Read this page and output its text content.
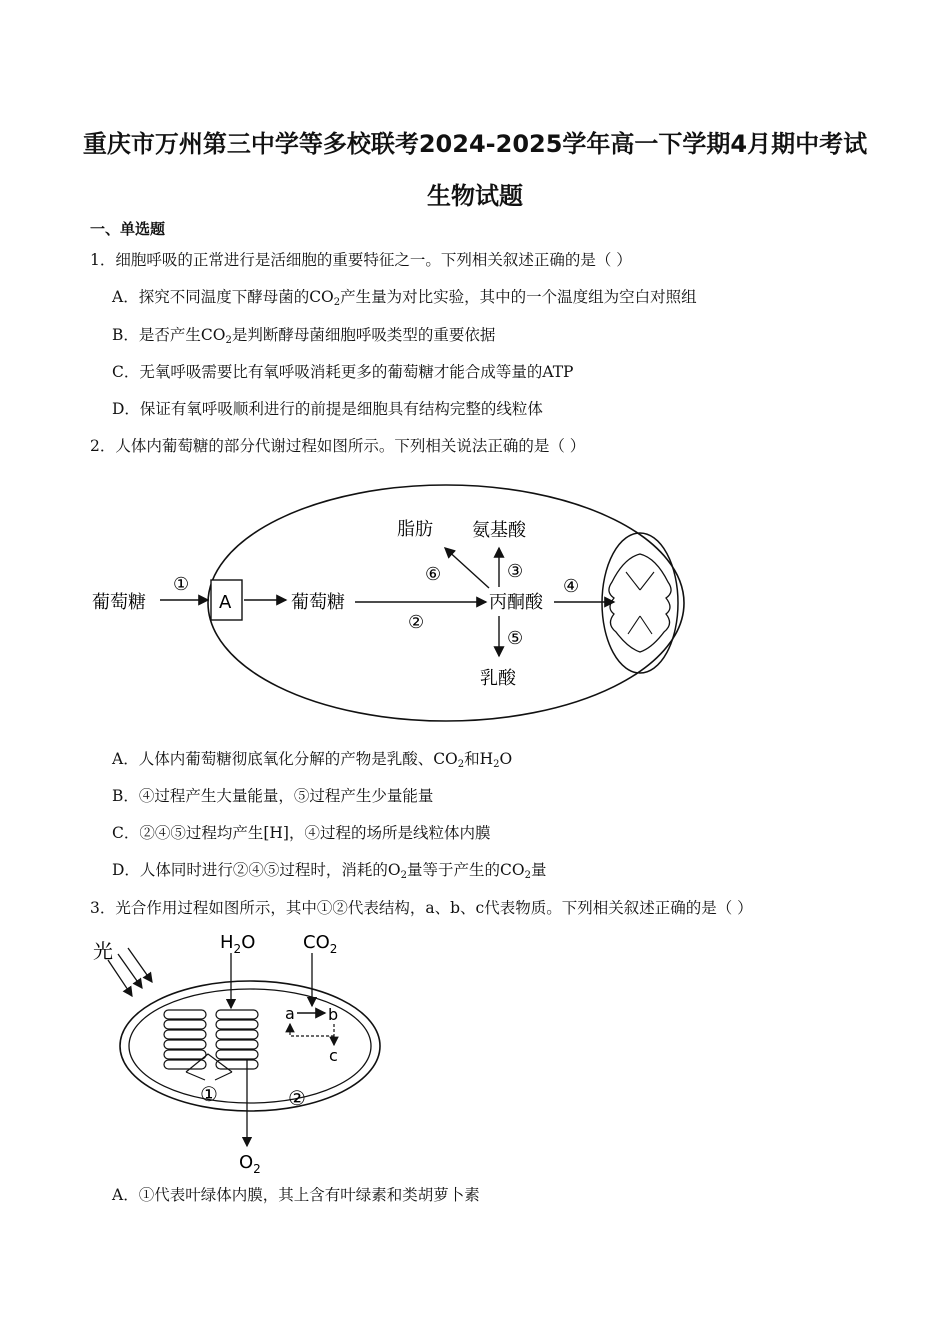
重庆市万州第三中学等多校联考2024-2025学年高一下学期4月期中考试
生物试题
一、单选题
1．细胞呼吸的正常进行是活细胞的重要特征之一。下列相关叙述正确的是（ ）
A．探究不同温度下酵母菌的$CO_2$产生量为对比实验，其中的一个温度组为空白对照组
B．是否产生$CO_2$是判断酵母菌细胞呼吸类型的重要依据
C．无氧呼吸需要比有氧呼吸消耗更多的葡萄糖才能合成等量的ATP
D．保证有氧呼吸顺利进行的前提是细胞具有结构完整的线粒体
2．人体内葡萄糖的部分代谢过程如图所示。下列相关说法正确的是（ ）
葡萄糖
①
A	葡萄糖
②
丙酮酸
③
氨基酸
⑥
脂肪
⑤
乳酸
④
A．人体内葡萄糖彻底氧化分解的产物是乳酸、$CO_2$和$H_2O$
B．④过程产生大量能量，⑤过程产生少量能量
C．②④⑤过程均产生[H]，④过程的场所是线粒体内膜
D．人体同时进行②④⑤过程时，消耗的$O_2$量等于产生的$CO_2$量
3．光合作用过程如图所示，其中①②代表结构，a、b、c代表物质。下列相关叙述正确的是（ ）
光	$H_2O$	$CO_2$
①	②
a b
c
$O_2$
A．①代表叶绿体内膜，其上含有叶绿素和类胡萝卜素
